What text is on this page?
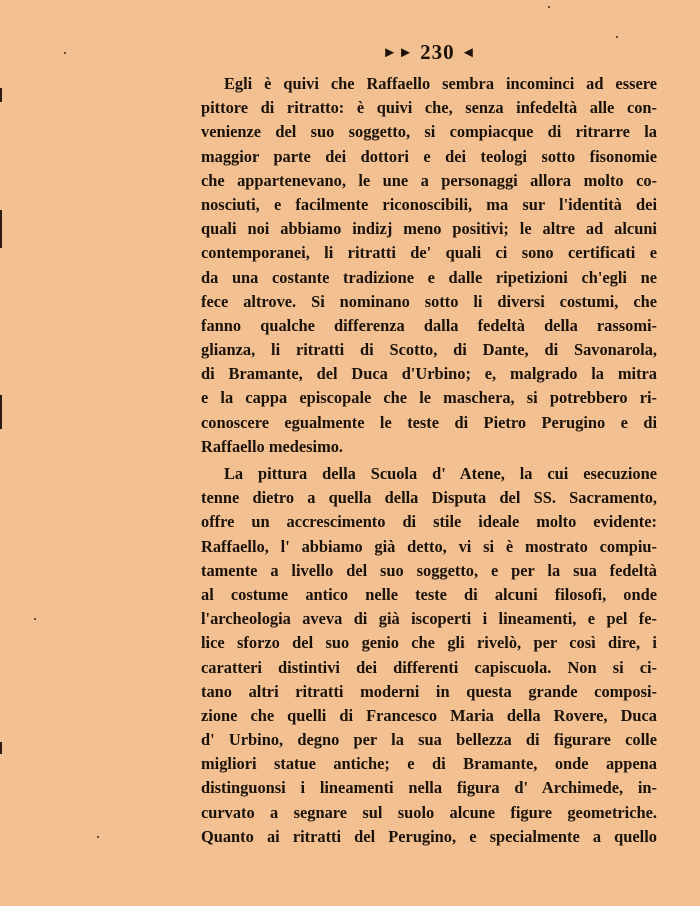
►► 230 ◄
Egli è quivi che Raffaello sembra incominci ad essere
pittore di ritratto: è quivi che, senza infedeltà alle con-
venienze del suo soggetto, si compiacque di ritrarre la
maggior parte dei dottori e dei teologi sotto fisonomie
che appartenevano, le une a personaggi allora molto co-
nosciuti, e facilmente riconoscibili, ma sur l'identità dei
quali noi abbiamo indizj meno positivi; le altre ad alcuni
contemporanei, li ritratti de' quali ci sono certificati e
da una costante tradizione e dalle ripetizioni ch'egli ne
fece altrove. Si nominano sotto li diversi costumi, che
fanno qualche differenza dalla fedeltà della rassomi-
glianza, li ritratti di Scotto, di Dante, di Savonarola,
di Bramante, del Duca d'Urbino; e, malgrado la mitra
e la cappa episcopale che le maschera, si potrebbero ri-
conoscere egualmente le teste di Pietro Perugino e di
Raffaello medesimo.
La pittura della Scuola d' Atene, la cui esecuzione
tenne dietro a quella della Disputa del SS. Sacramento,
offre un accrescimento di stile ideale molto evidente:
Raffaello, l' abbiamo già detto, vi si è mostrato compiu-
tamente a livello del suo soggetto, e per la sua fedeltà
al costume antico nelle teste di alcuni filosofi, onde
l'archeologia aveva di già iscoperti i lineamenti, e pel fe-
lice sforzo del suo genio che gli rivelò, per così dire, i
caratteri distintivi dei differenti capiscuola. Non si ci-
tano altri ritratti moderni in questa grande composi-
zione che quelli di Francesco Maria della Rovere, Duca
d' Urbino, degno per la sua bellezza di figurare colle
migliori statue antiche; e di Bramante, onde appena
distinguonsi i lineamenti nella figura d' Archimede, in-
curvato a segnare sul suolo alcune figure geometriche.
Quanto ai ritratti del Perugino, e specialmente a quello
